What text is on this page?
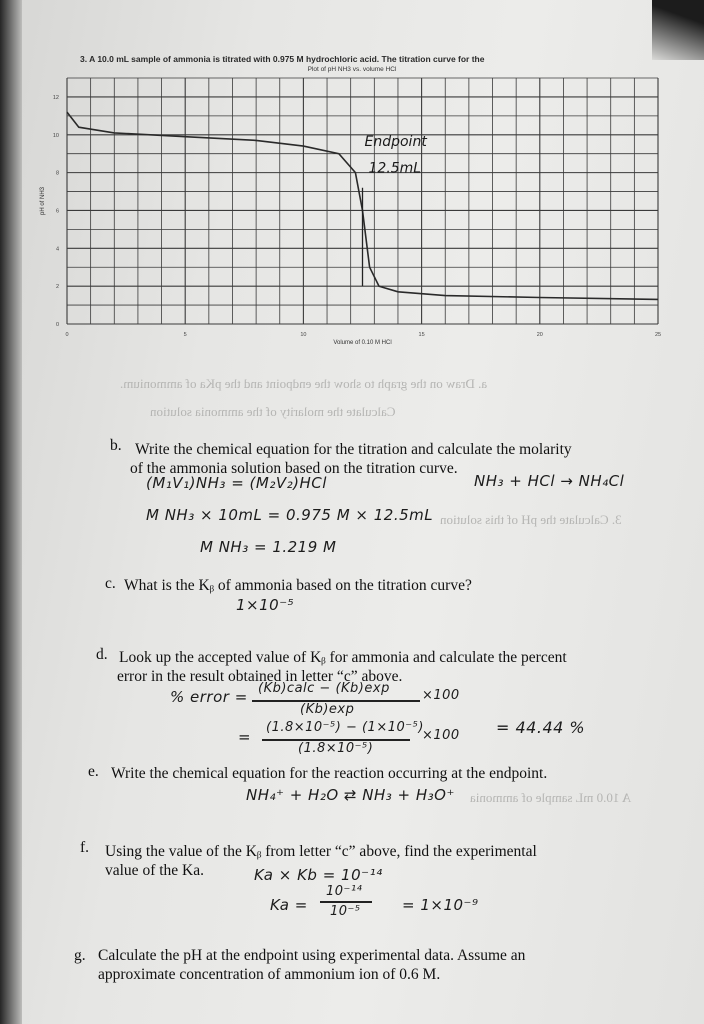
3. A 10.0 mL sample of ammonia is titrated with 0.975 M hydrochloric acid. The titration curve for the
Plot of pH NH3 vs. volume HCl
0
2
4
6
8
10
12
0	5	10	15	20	25
Endpoint
12.5mL
Volume of 0.10 M HCl
pH of NH3
a. Draw on the graph to show the endpoint and the pKa of ammonium.
Calculate the molarity of the ammonia solution
3. Calculate the pH of this solution
b. Write the chemical equation for the titration and calculate the molarity
of the ammonia solution based on the titration curve.
(M₁V₁)NH₃ = (M₂V₂)HCl	NH₃ + HCl → NH₄Cl
M NH₃ × 10mL = 0.975 M × 12.5mL
M NH₃ = 1.219 M
c. What is the Kᵦ of ammonia based on the titration curve?
1×10⁻⁵
d. Look up the accepted value of Kᵦ for ammonia and calculate the percent
error in the result obtained in letter “c” above.
% error = (Kb)calc − (Kb)exp
(Kb)exp
×100
=
(1.8×10⁻⁵) − (1×10⁻⁵)
(1.8×10⁻⁵)
×100 = 44.44 %
e. Write the chemical equation for the reaction occurring at the endpoint.
A 10.0 mL sample of ammonia
NH₄⁺ + H₂O ⇄ NH₃ + H₃O⁺
f. Using the value of the Kᵦ from letter “c” above, find the experimental
value of the Ka.	Ka × Kb = 10⁻¹⁴
Ka =
10⁻¹⁴
10⁻⁵	= 1×10⁻⁹
g. Calculate the pH at the endpoint using experimental data. Assume an
approximate concentration of ammonium ion of 0.6 M.
